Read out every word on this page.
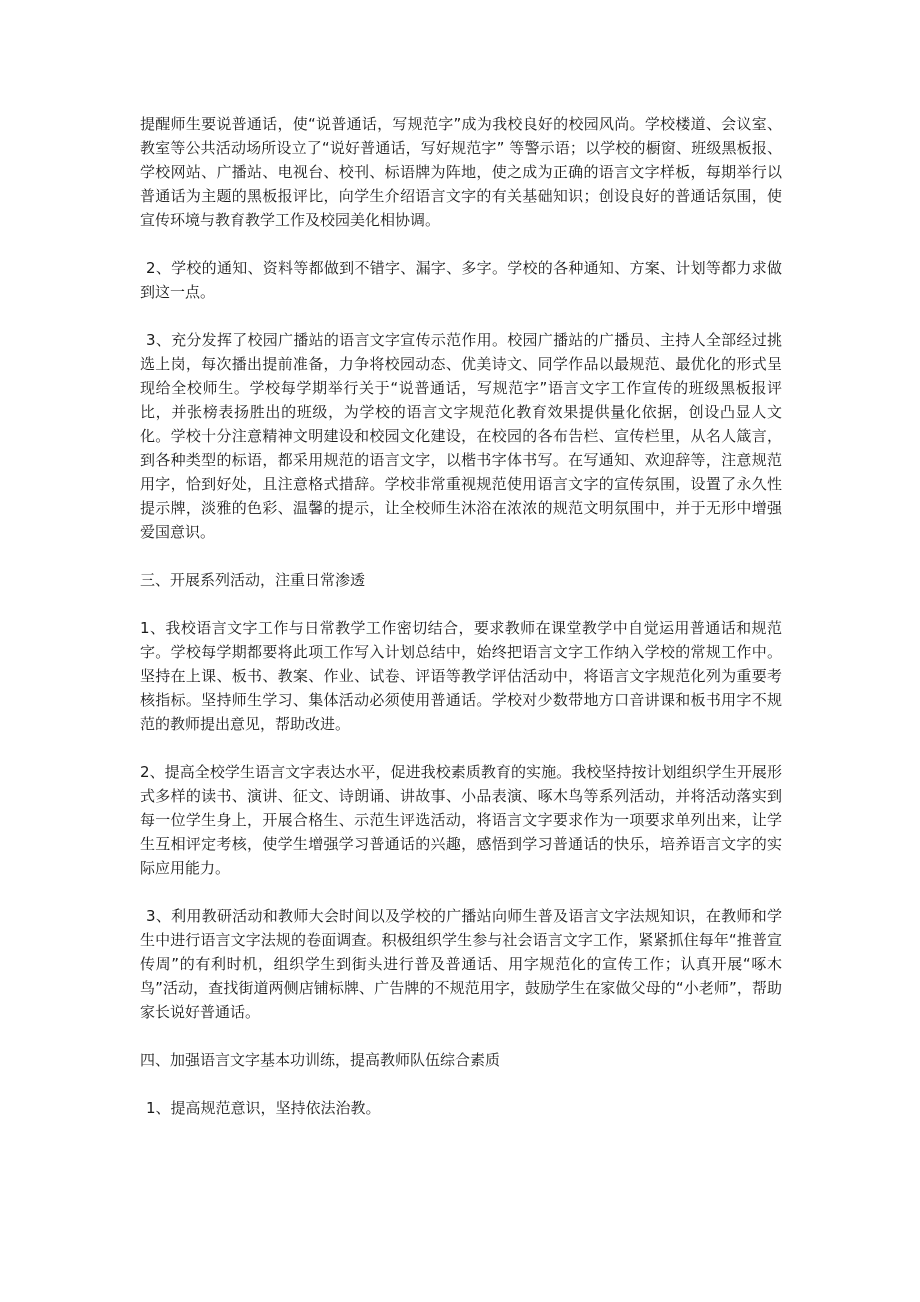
提醒师生要说普通话，使“说普通话，写规范字”成为我校良好的校园风尚。学校楼道、会议室、教室等公共活动场所设立了“说好普通话，写好规范字” 等警示语；以学校的橱窗、班级黑板报、学校网站、广播站、电视台、校刊、标语牌为阵地，使之成为正确的语言文字样板，每期举行以普通话为主题的黑板报评比，向学生介绍语言文字的有关基础知识；创设良好的普通话氛围，使宣传环境与教育教学工作及校园美化相协调。

2、学校的通知、资料等都做到不错字、漏字、多字。学校的各种通知、方案、计划等都力求做到这一点。

3、充分发挥了校园广播站的语言文字宣传示范作用。校园广播站的广播员、主持人全部经过挑选上岗，每次播出提前准备，力争将校园动态、优美诗文、同学作品以最规范、最优化的形式呈现给全校师生。学校每学期举行关于“说普通话，写规范字”语言文字工作宣传的班级黑板报评比，并张榜表扬胜出的班级，为学校的语言文字规范化教育效果提供量化依据，创设凸显人文化。学校十分注意精神文明建设和校园文化建设，在校园的各布告栏、宣传栏里，从名人箴言，到各种类型的标语，都采用规范的语言文字，以楷书字体书写。在写通知、欢迎辞等，注意规范用字，恰到好处，且注意格式措辞。学校非常重视规范使用语言文字的宣传氛围，设置了永久性提示牌，淡雅的色彩、温馨的提示，让全校师生沐浴在浓浓的规范文明氛围中，并于无形中增强爱国意识。

三、开展系列活动，注重日常渗透

1、我校语言文字工作与日常教学工作密切结合，要求教师在课堂教学中自觉运用普通话和规范字。学校每学期都要将此项工作写入计划总结中，始终把语言文字工作纳入学校的常规工作中。坚持在上课、板书、教案、作业、试卷、评语等教学评估活动中，将语言文字规范化列为重要考核指标。坚持师生学习、集体活动必须使用普通话。学校对少数带地方口音讲课和板书用字不规范的教师提出意见，帮助改进。

2、提高全校学生语言文字表达水平，促进我校素质教育的实施。我校坚持按计划组织学生开展形式多样的读书、演讲、征文、诗朗诵、讲故事、小品表演、啄木鸟等系列活动，并将活动落实到每一位学生身上，开展合格生、示范生评选活动，将语言文字要求作为一项要求单列出来，让学生互相评定考核，使学生增强学习普通话的兴趣，感悟到学习普通话的快乐，培养语言文字的实际应用能力。

3、利用教研活动和教师大会时间以及学校的广播站向师生普及语言文字法规知识，在教师和学生中进行语言文字法规的卷面调查。积极组织学生参与社会语言文字工作，紧紧抓住每年“推普宣传周”的有利时机，组织学生到街头进行普及普通话、用字规范化的宣传工作；认真开展“啄木鸟”活动，查找街道两侧店铺标牌、广告牌的不规范用字，鼓励学生在家做父母的“小老师”，帮助家长说好普通话。

四、加强语言文字基本功训练，提高教师队伍综合素质

1、提高规范意识，坚持依法治教。
